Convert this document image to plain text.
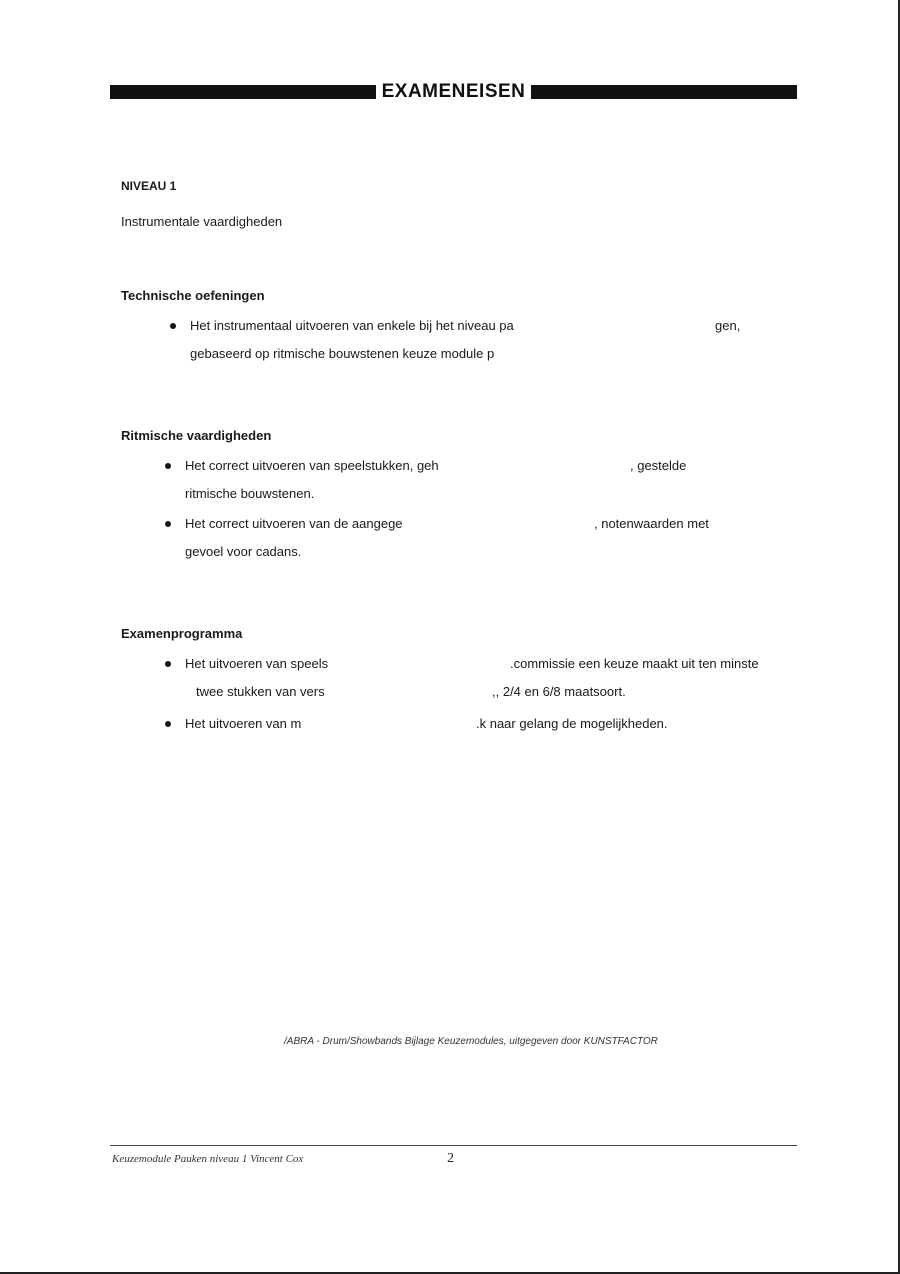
EXAMENEISEN
NIVEAU 1
Instrumentale vaardigheden
Technische oefeningen
Het instrumentaal uitvoeren van enkele bij het niveau pa	gen,
gebaseerd op ritmische bouwstenen keuze module p
Ritmische vaardigheden
Het correct uitvoeren van speelstukken, geh	, gestelde
ritmische bouwstenen.
Het correct uitvoeren van de aangege	, notenwaarden met
gevoel voor cadans.
Examenprogramma
Het uitvoeren van speels	.commissie een keuze maakt uit ten minste
twee stukken van vers	,, 2/4 en 6/8 maatsoort.
Het uitvoeren van m	.k naar gelang de mogelijkheden.
/ABRA - Drum/Showbands Bijlage Keuzemodules, uitgegeven door KUNSTFACTOR
Keuzemodule Pauken niveau 1 Vincent Cox	2
